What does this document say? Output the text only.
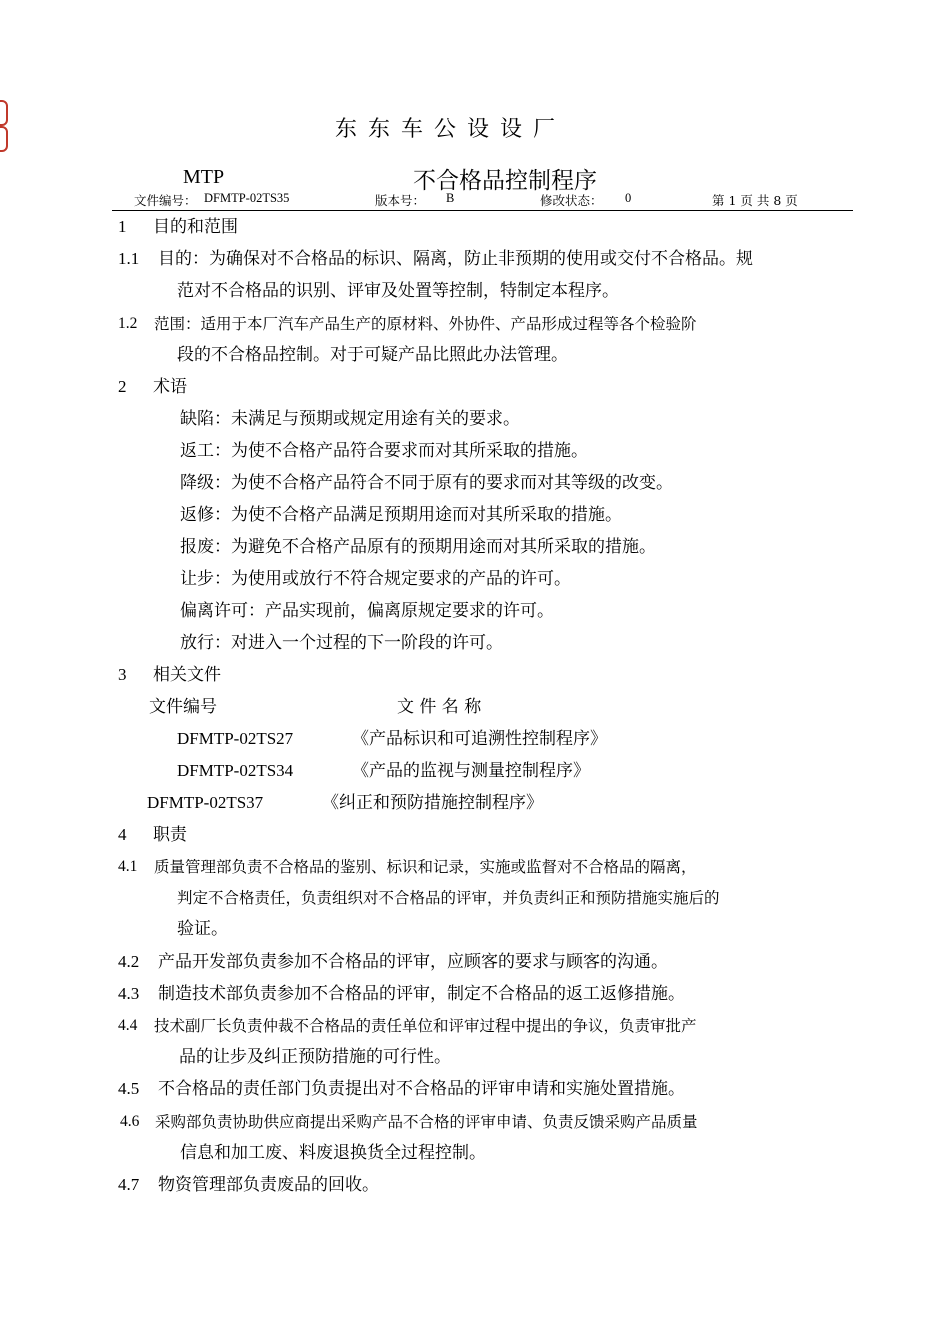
东 东 车 公 设 设 厂
MTP	不合格品控制程序
文件编号： DFMTP-02TS35	版本号： B	修改状态： 0	第 1 页 共 8 页
1 目的和范围
1.1 目的：为确保对不合格品的标识、隔离，防止非预期的使用或交付不合格品。规
范对不合格品的识别、评审及处置等控制，特制定本程序。
1.2 范围：适用于本厂汽车产品生产的原材料、外协件、产品形成过程等各个检验阶
段的不合格品控制。对于可疑产品比照此办法管理。
2 术语
缺陷：未满足与预期或规定用途有关的要求。
返工：为使不合格产品符合要求而对其所采取的措施。
降级：为使不合格产品符合不同于原有的要求而对其等级的改变。
返修：为使不合格产品满足预期用途而对其所采取的措施。
报废：为避免不合格产品原有的预期用途而对其所采取的措施。
让步：为使用或放行不符合规定要求的产品的许可。
偏离许可：产品实现前，偏离原规定要求的许可。
放行：对进入一个过程的下一阶段的许可。
3 相关文件
文件编号	文 件 名 称
DFMTP-02TS27	《产品标识和可追溯性控制程序》
DFMTP-02TS34	《产品的监视与测量控制程序》
DFMTP-02TS37	《纠正和预防措施控制程序》
4 职责
4.1 质量管理部负责不合格品的鉴别、标识和记录，实施或监督对不合格品的隔离，
判定不合格责任，负责组织对不合格品的评审，并负责纠正和预防措施实施后的
验证。
4.2 产品开发部负责参加不合格品的评审，应顾客的要求与顾客的沟通。
4.3 制造技术部负责参加不合格品的评审，制定不合格品的返工返修措施。
4.4 技术副厂长负责仲裁不合格品的责任单位和评审过程中提出的争议，负责审批产
品的让步及纠正预防措施的可行性。
4.5 不合格品的责任部门负责提出对不合格品的评审申请和实施处置措施。
4.6 采购部负责协助供应商提出采购产品不合格的评审申请、负责反馈采购产品质量
信息和加工废、料废退换货全过程控制。
4.7 物资管理部负责废品的回收。
